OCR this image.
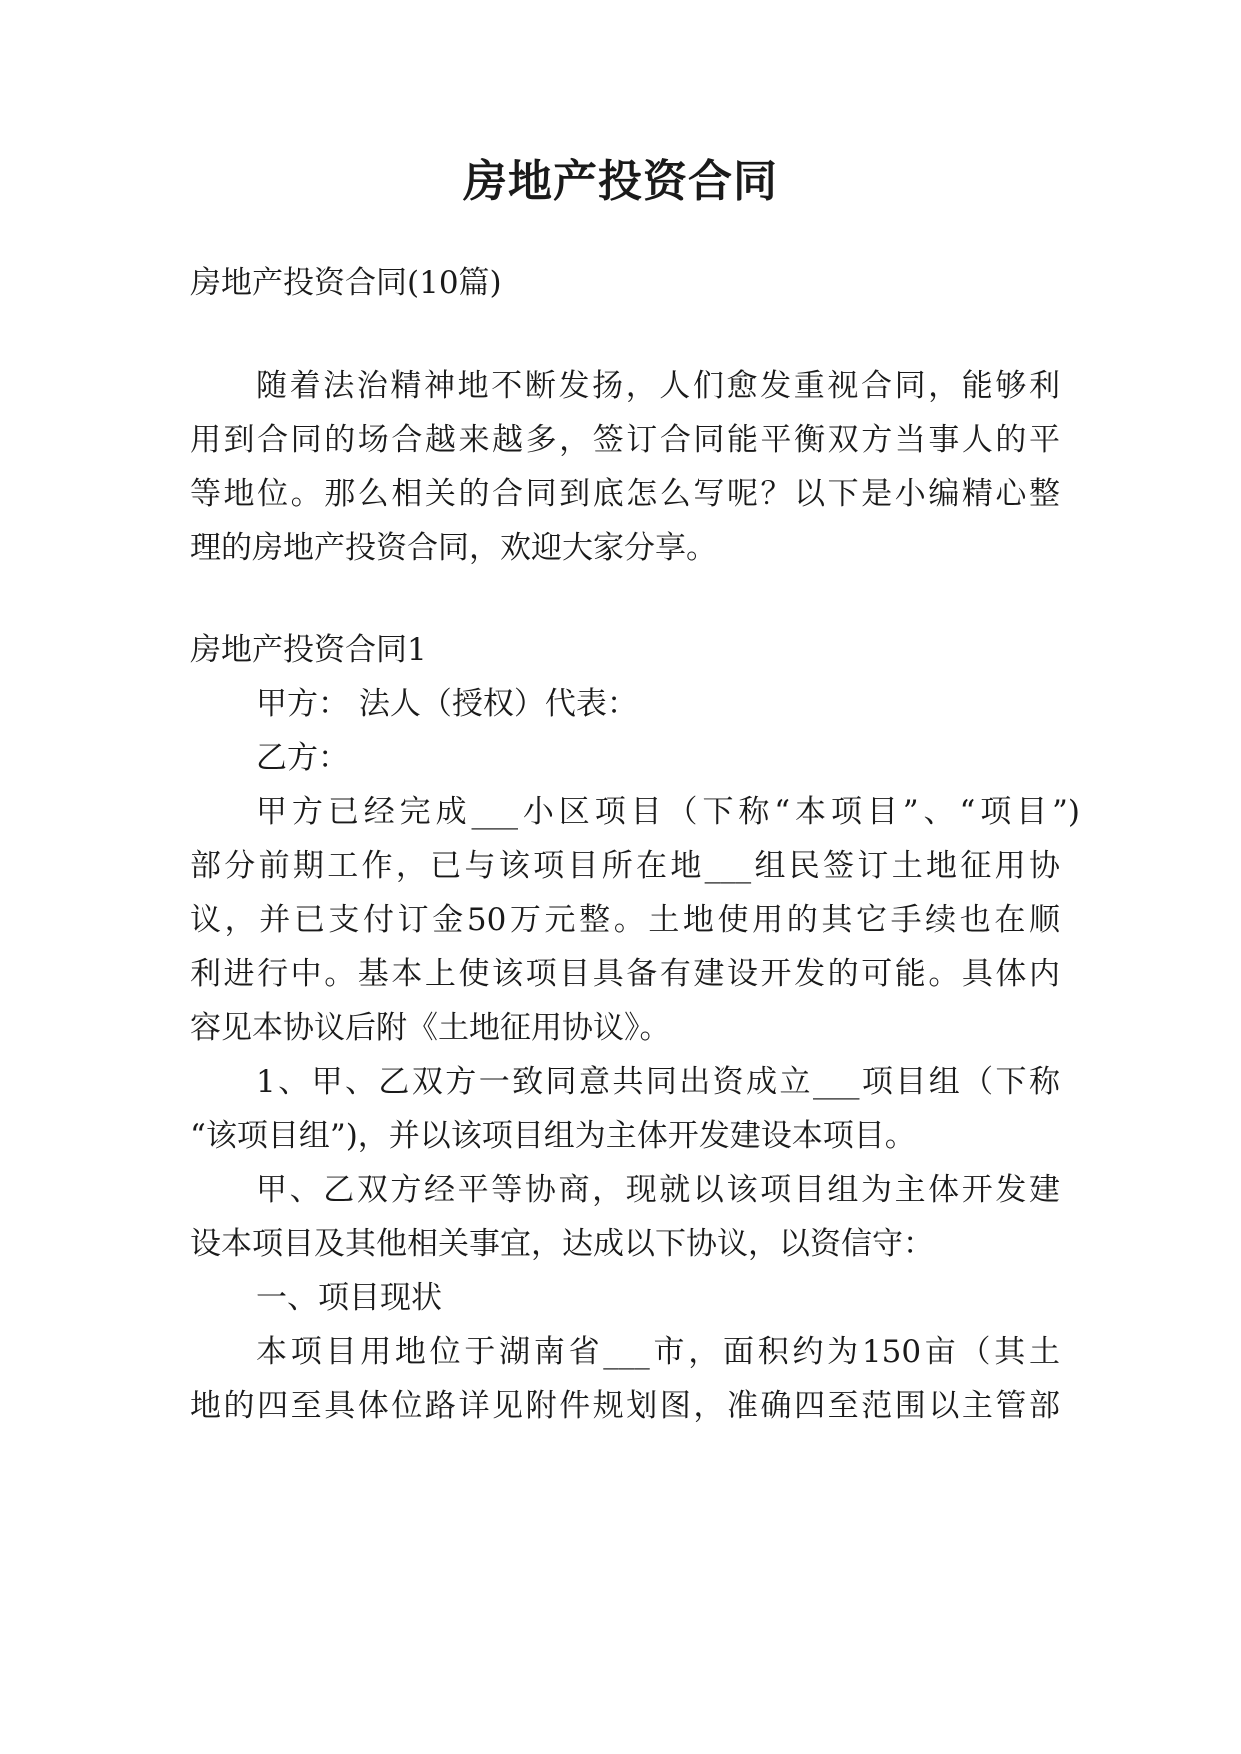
房地产投资合同
房地产投资合同(10篇)
随着法治精神地不断发扬，人们愈发重视合同，能够利
用到合同的场合越来越多，签订合同能平衡双方当事人的平
等地位。那么相关的合同到底怎么写呢？以下是小编精心整
理的房地产投资合同，欢迎大家分享。
房地产投资合同1
甲方： 法人（授权）代表：
乙方：
甲方已经完成___小区项目（下称“本项目”、“项目”)
部分前期工作，已与该项目所在地___组民签订土地征用协
议，并已支付订金50万元整。土地使用的其它手续也在顺
利进行中。基本上使该项目具备有建设开发的可能。具体内
容见本协议后附《土地征用协议》。
1、甲、乙双方一致同意共同出资成立___项目组（下称
“该项目组”)，并以该项目组为主体开发建设本项目。
甲、乙双方经平等协商，现就以该项目组为主体开发建
设本项目及其他相关事宜，达成以下协议，以资信守：
一、项目现状
本项目用地位于湖南省___市，面积约为150亩（其土
地的四至具体位路详见附件规划图，准确四至范围以主管部
